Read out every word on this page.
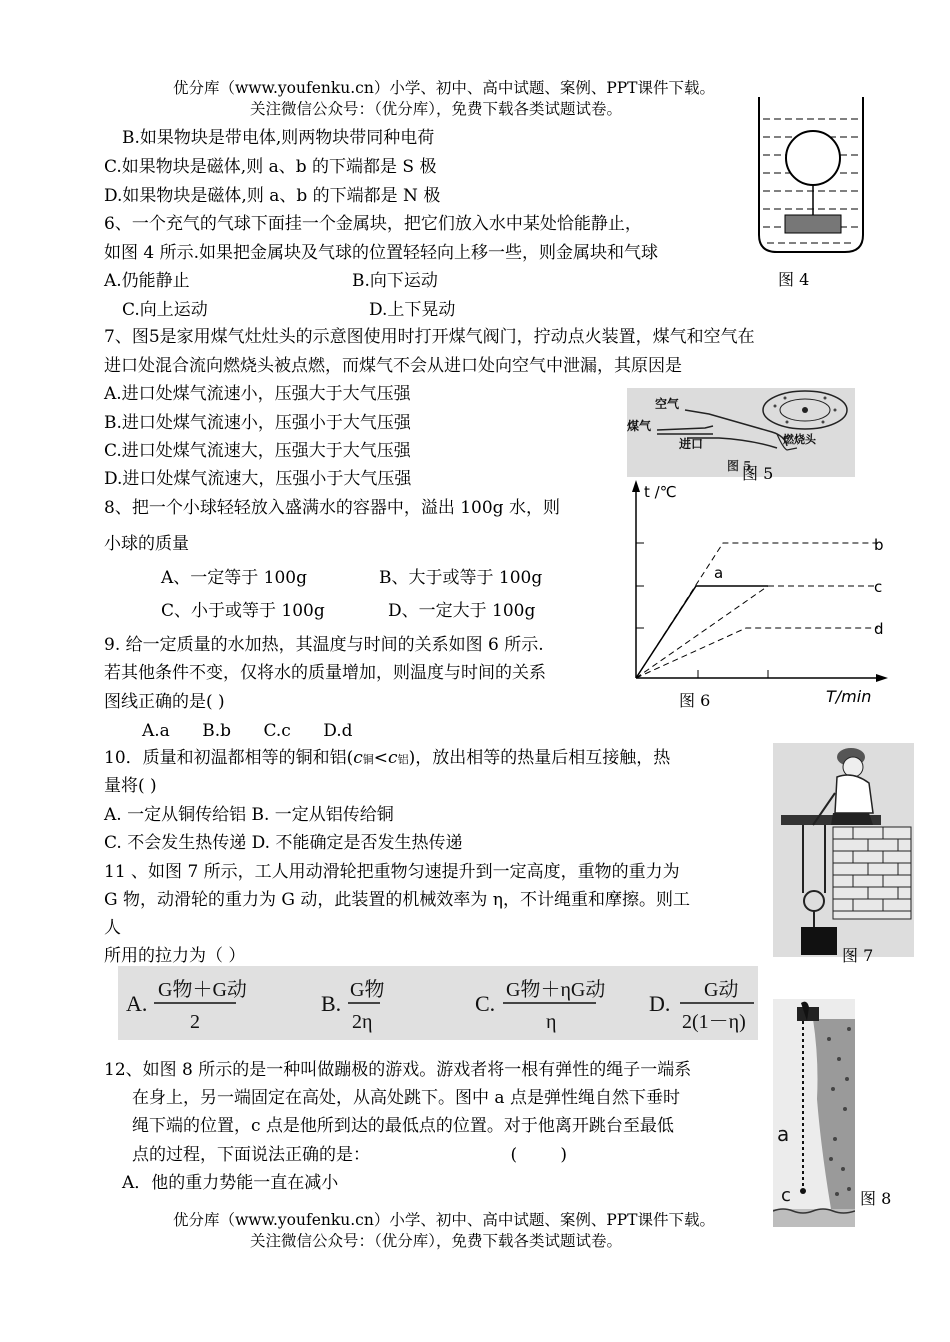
优分库（www.youfenku.cn）小学、初中、高中试题、案例、PPT课件下载。
关注微信公众号：（优分库），免费下载各类试题试卷。
B.如果物块是带电体,则两物块带同种电荷
C.如果物块是磁体,则 a、b 的下端都是 S 极
D.如果物块是磁体,则 a、b 的下端都是 N 极
6、一个充气的气球下面挂一个金属块，把它们放入水中某处恰能静止，
如图 4 所示.如果把金属块及气球的位置轻轻向上移一些，则金属块和气球
A.仍能静止	B.向下运动
C.向上运动	D.上下晃动
图 4
7、图5是家用煤气灶灶头的示意图使用时打开煤气阀门，拧动点火装置，煤气和空气在
进口处混合流向燃烧头被点燃，而煤气不会从进口处向空气中泄漏，其原因是
A.进口处煤气流速小，压强大于大气压强
B.进口处煤气流速小，压强小于大气压强
C.进口处煤气流速大，压强大于大气压强
D.进口处煤气流速大，压强小于大气压强
空气
煤气
进口	燃烧头
图 5
图 5
8、把一个小球轻轻放入盛满水的容器中，溢出 100g 水，则
小球的质量
A、一定等于 100g	B、大于或等于 100g
C、小于或等于 100g	D、一定大于 100g
t /℃
T/min
a
b
c
d
图 6
9. 给一定质量的水加热，其温度与时间的关系如图 6 所示.
若其他条件不变，仅将水的质量增加，则温度与时间的关系
图线正确的是( )
A.a      B.b      C.c      D.d
10．质量和初温都相等的铜和铝(c铜<c铝)，放出相等的热量后相互接触，热
量将( )
A. 一定从铜传给铝 B. 一定从铝传给铜
C. 不会发生热传递 D. 不能确定是否发生热传递
图 7
11 、如图 7 所示，工人用动滑轮把重物匀速提升到一定高度，重物的重力为
G 物，动滑轮的重力为 G 动，此装置的机械效率为 η，不计绳重和摩擦。则工
人
所用的拉力为（ ）
A.
G物＋G动
2
B.
G物
2η
C.
G物＋ηG动
η
D.
G动
2(1－η)
12、如图 8 所示的是一种叫做蹦极的游戏。游戏者将一根有弹性的绳子一端系
在身上，另一端固定在高处，从高处跳下。图中 a 点是弹性绳自然下垂时
绳下端的位置，c 点是他所到达的最低点的位置。对于他离开跳台至最低
点的过程，下面说法正确的是：                          (        )
A．他的重力势能一直在减小
a
c	图 8
优分库（www.youfenku.cn）小学、初中、高中试题、案例、PPT课件下载。
关注微信公众号：（优分库），免费下载各类试题试卷。
